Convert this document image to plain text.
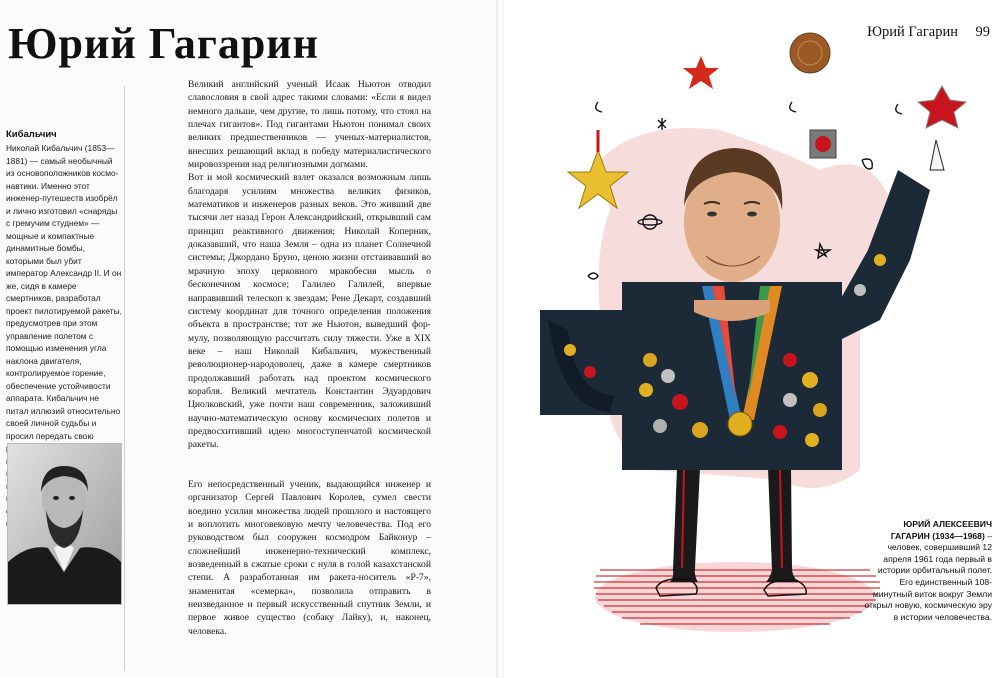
Юрий Гагарин
Кибальчич

Николай Кибальчич (1853—1881) — самый необычный из основоположников космонавтики. Именно этот инженер-путешеств изобрёл и лично изготовил «снаряды с гремучим студнем» — мощные и компактные динамитные бомбы, которыми был убит император Александр II. И он же, сидя в камере смертников, разработал проект пилотируемой ракеты, предусмотрев при этом управление полетом с помощью изменения угла наклона двигателя, контролируемое горение, обеспечение устойчивости аппарата. Кибальчич не питал иллюзий относительно своей личной судьбы и просил передать свою

Великий английский ученый Исаак Ньютон отводил славословия в свой адрес такими словами: «Если я видел немного дальше, чем другие, то лишь потому, что стоял на плечах гигантов». Под гигантами Ньютон понимал своих великих предшественников — ученых-материалистов, внесших решающий вклад в победу материалистического мировоззрения над религиозными догмами.

Вот и мой космический взлет оказался возможным лишь благодаря усилиям множества великих физиков, математиков и инженеров разных веков. Это живший две тысячи лет назад Герон Александрийский, открывший сам принцип реактивного движения; Николай Коперник, доказавший, что наша Земля – одна из планет Солнечной системы; Джордано Бруно, ценою жизни отстаивавший во мрачную эпоху церковного мракобесия мысль о бесконечном космосе; Галилео Галилей, впервые направивший телескоп к звездам; Рене Декарт, создавший систему координат для точного определения положения объекта в пространстве; тот же Ньютон, выведший формулу, позволяющую рассчитать силу тяжести. Уже в XIX веке – наш Николай Кибальчич, мужественный революционер-народоволец, даже в камере смертников продолжавший работать над проектом космического корабля. Великий мечтатель Константин Эдуардович Циолковский, уже почти наш современник, заложивший научно-математическую основу космических полетов и предвосхитивший идею многоступенчатой космической ракеты.

Его непосредственный ученик, выдающийся инженер и организатор Сергей Павлович Королев, сумел свести воедино усилия множества людей прошлого и настоящего и воплотить многовековую мечту человечества. Под его руководством был сооружен космодром Байконур – сложнейший инженерно-технический комплекс, возведенный в сжатые сроки с нуля в голой казахстанской степи. А разработанная им ракета-носитель «Р-7», знаменитая «семерка», позволила отправить в неизведанное и первый искусственный спутник Земли, и первое живое существо (собаку Лайку), и, наконец, человека.

Юрий Гагарин 99

ЮРИЙ АЛЕКСЕЕВИЧ ГАГАРИН (1934—1968) – человек, совершивший 12 апреля 1961 года первый в истории орбитальный полет. Его единственный 108-минутный виток вокруг Земли открыл новую, космическую эру в истории человечества.
